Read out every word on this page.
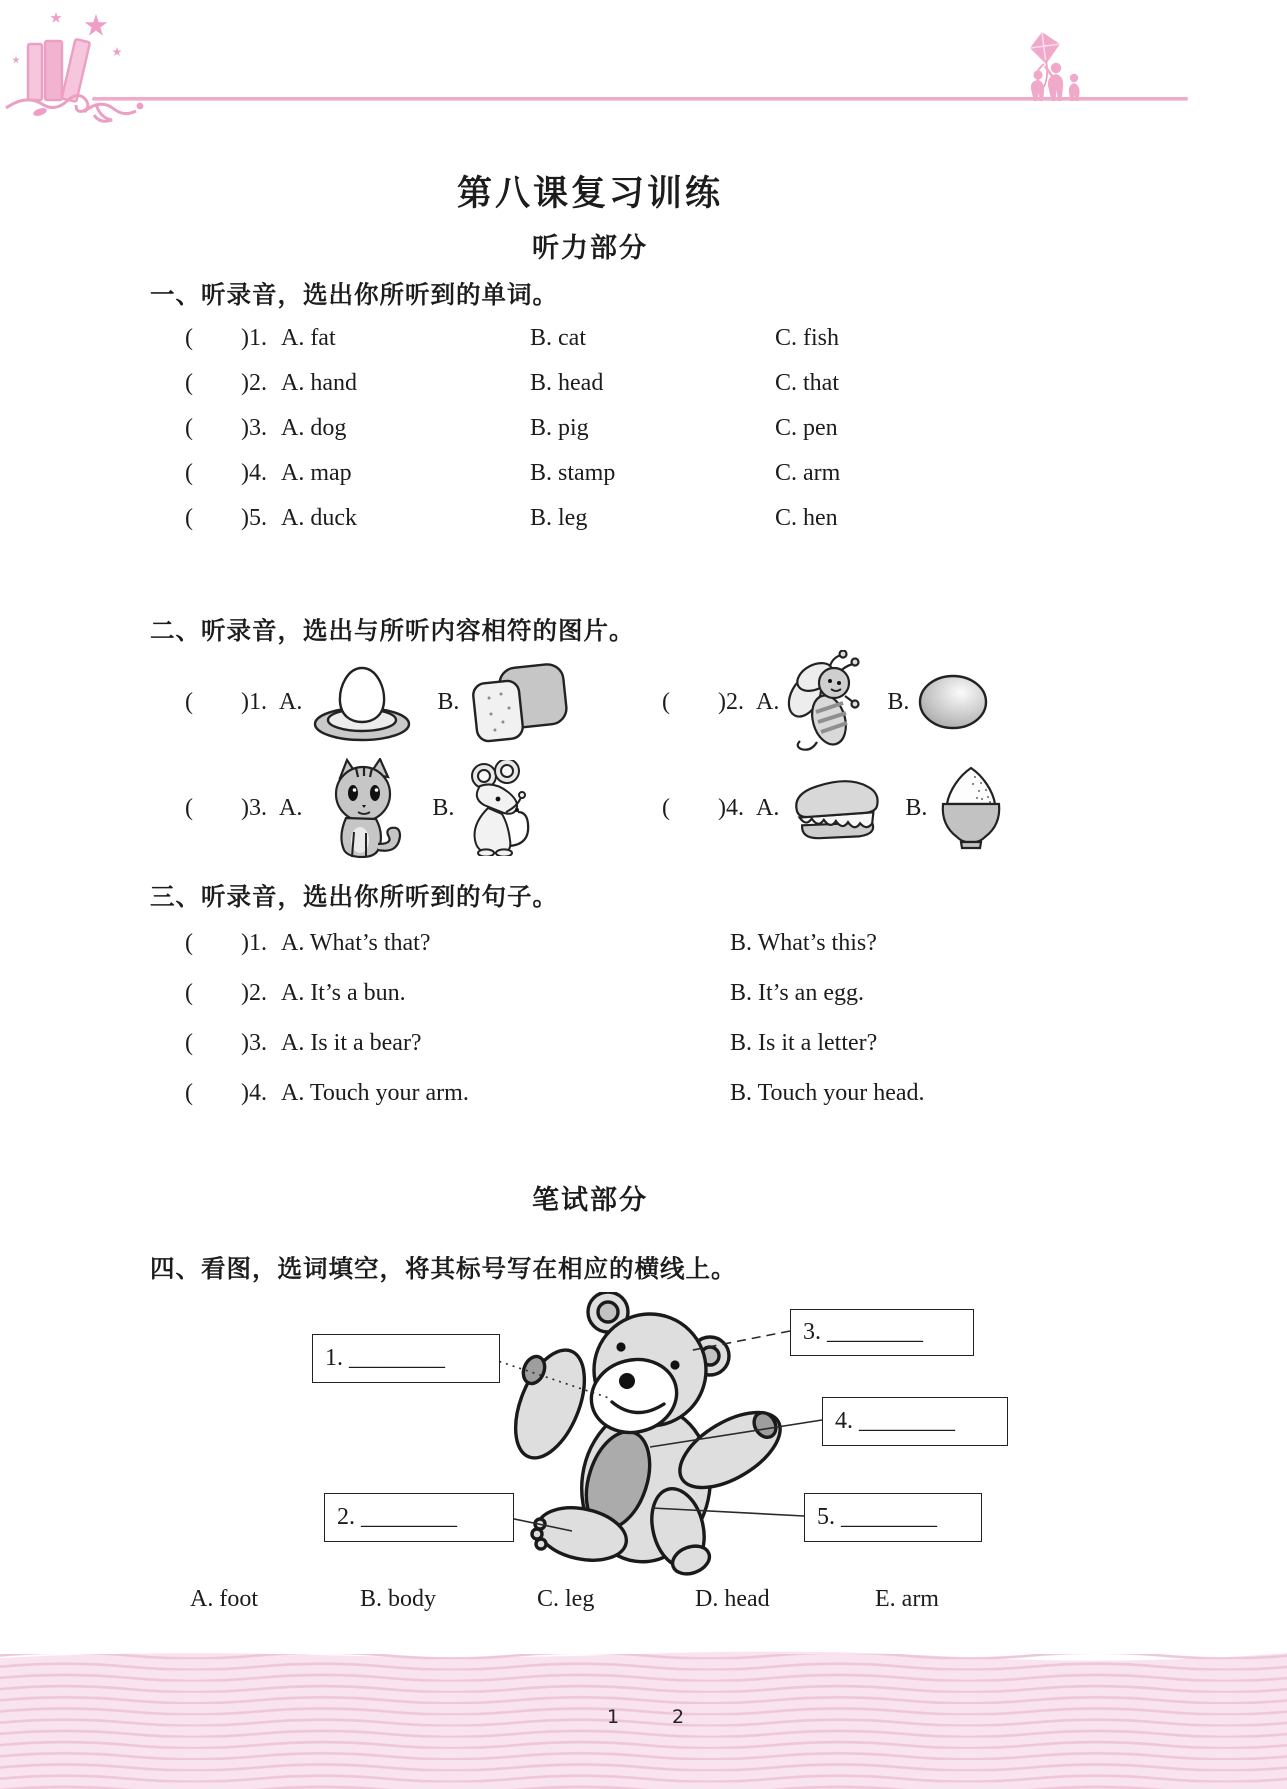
第八课复习训练
听力部分
一、听录音，选出你所听到的单词。
(        )1. A. fat	B. cat	C. fish
(        )2. A. hand	B. head	C. that
(        )3. A. dog	B. pig	C. pen
(        )4. A. map	B. stamp	C. arm
(        )5. A. duck	B. leg	C. hen
二、听录音，选出与所听内容相符的图片。
(        ) 1. A.	B.	(        ) 2. A.	B.
(        ) 3. A.	B.	(        ) 4. A.	B.
三、听录音，选出你所听到的句子。
(        )1. A. What’s that?	B. What’s this?
(        )2. A. It’s a bun.	B. It’s an egg.
(        )3. A. Is it a bear?	B. Is it a letter?
(        )4. A. Touch your arm.	B. Touch your head.
笔试部分
四、看图，选词填空，将其标号写在相应的横线上。
1. ________
3. ________
4. ________
2. ________	5. ________
A. foot	B. body	C. leg	D. head	E. arm
1	2
